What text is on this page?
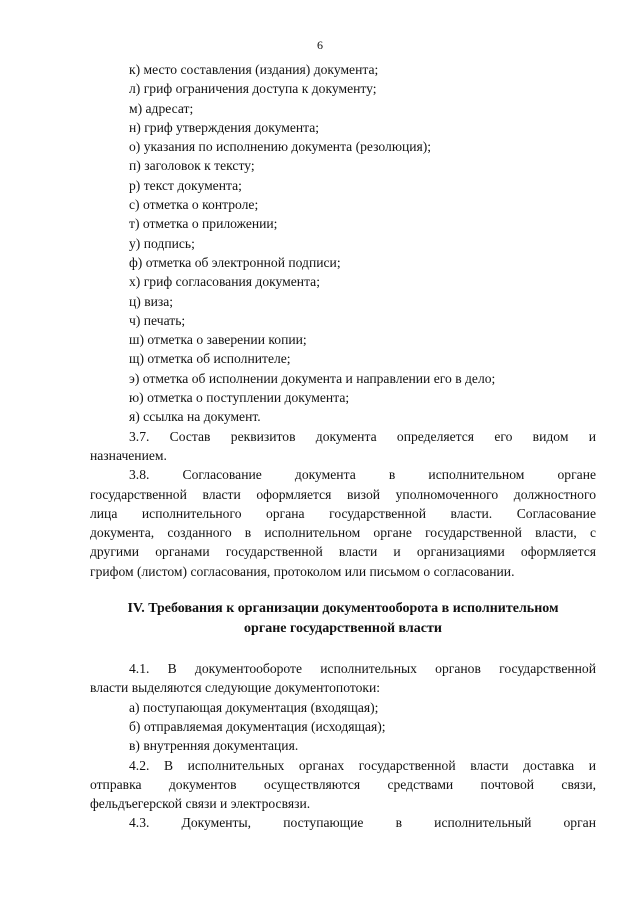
6
к) место составления (издания) документа;
л) гриф ограничения доступа к документу;
м) адресат;
н) гриф утверждения документа;
о) указания по исполнению документа (резолюция);
п) заголовок к тексту;
р) текст документа;
с) отметка о контроле;
т) отметка о приложении;
у) подпись;
ф) отметка об электронной подписи;
х) гриф согласования документа;
ц) виза;
ч) печать;
ш) отметка о заверении копии;
щ) отметка об исполнителе;
э) отметка об исполнении документа и направлении его в дело;
ю) отметка о поступлении документа;
я) ссылка на документ.
3.7. Состав реквизитов документа определяется его видом и
назначением.
3.8. Согласование документа в исполнительном органе
государственной власти оформляется визой уполномоченного должностного
лица исполнительного органа государственной власти. Согласование
документа, созданного в исполнительном органе государственной власти, с
другими органами государственной власти и организациями оформляется
грифом (листом) согласования, протоколом или письмом о согласовании.
IV. Требования к организации документооборота в исполнительном
органе государственной власти
4.1. В документообороте исполнительных органов государственной
власти выделяются следующие документопотоки:
а) поступающая документация (входящая);
б) отправляемая документация (исходящая);
в) внутренняя документация.
4.2. В исполнительных органах государственной власти доставка и
отправка документов осуществляются средствами почтовой связи,
фельдъегерской связи и электросвязи.
4.3. Документы, поступающие в исполнительный орган
